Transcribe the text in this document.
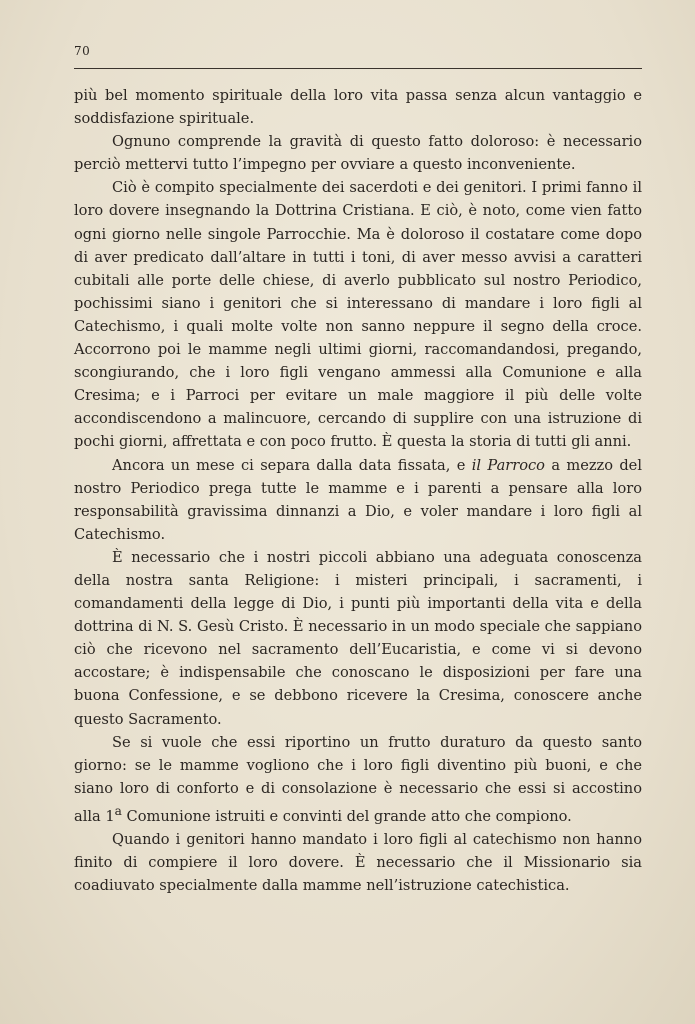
70

più bel momento spirituale della loro vita passa senza alcun vantaggio e soddisfazione spirituale.

Ognuno comprende la gravità di questo fatto doloroso: è necessario perciò mettervi tutto l’impegno per ovviare a questo inconveniente.

Ciò è compito specialmente dei sacerdoti e dei genitori. I primi fanno il loro dovere insegnando la Dottrina Cristiana. E ciò, è noto, come vien fatto ogni giorno nelle singole Parrocchie. Ma è doloroso il costatare come dopo di aver predicato dall’altare in tutti i toni, di aver messo avvisi a caratteri cubitali alle porte delle chiese, di averlo pubblicato sul nostro Periodico, pochissimi siano i genitori che si interessano di mandare i loro figli al Catechismo, i quali molte volte non sanno neppure il segno della croce. Accorrono poi le mamme negli ultimi giorni, raccomandandosi, pregando, scongiurando, che i loro figli vengano ammessi alla Comunione e alla Cresima; e i Parroci per evitare un male maggiore il più delle volte accondiscendono a malincuore, cercando di supplire con una istruzione di pochi giorni, affrettata e con poco frutto. È questa la storia di tutti gli anni.

Ancora un mese ci separa dalla data fissata, e il Parroco a mezzo del nostro Periodico prega tutte le mamme e i parenti a pensare alla loro responsabilità gravissima dinnanzi a Dio, e voler mandare i loro figli al Catechismo.

È necessario che i nostri piccoli abbiano una adeguata conoscenza della nostra santa Religione: i misteri principali, i sacramenti, i comandamenti della legge di Dio, i punti più importanti della vita e della dottrina di N. S. Gesù Cristo. È necessario in un modo speciale che sappiano ciò che ricevono nel sacramento dell’Eucaristia, e come vi si devono accostare; è indispensabile che conoscano le disposizioni per fare una buona Confessione, e se debbono ricevere la Cresima, conoscere anche questo Sacramento.

Se si vuole che essi riportino un frutto duraturo da questo santo giorno: se le mamme vogliono che i loro figli diventino più buoni, e che siano loro di conforto e di consolazione è necessario che essi si accostino alla 1$^a$ Comunione istruiti e convinti del grande atto che compiono.

Quando i genitori hanno mandato i loro figli al catechismo non hanno finito di compiere il loro dovere. È necessario che il Missionario sia coadiuvato specialmente dalla mamme nell’istruzione catechistica.
